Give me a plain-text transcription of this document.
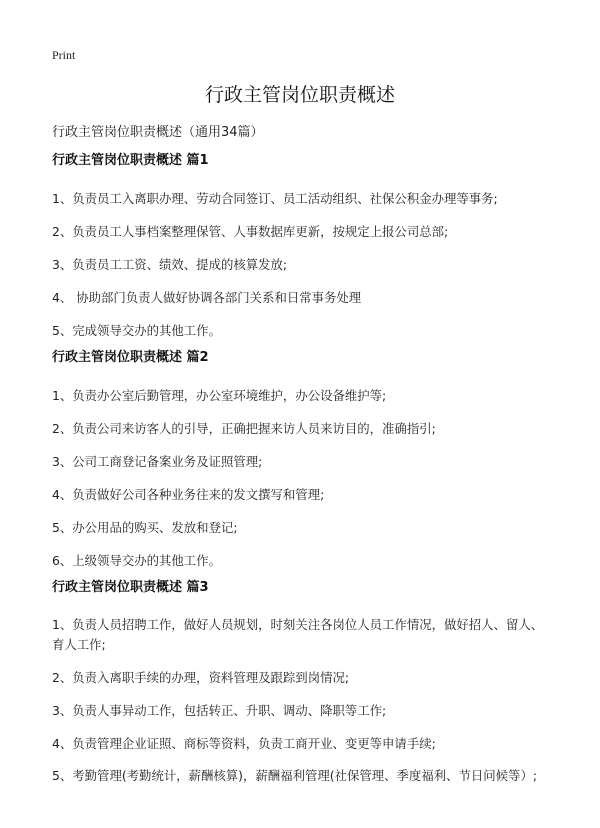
Print
行政主管岗位职责概述
行政主管岗位职责概述（通用34篇）

行政主管岗位职责概述 篇1

1、负责员工入离职办理、劳动合同签订、员工活动组织、社保公积金办理等事务;

2、负责员工人事档案整理保管、人事数据库更新，按规定上报公司总部;

3、负责员工工资、绩效、提成的核算发放;

4、 协助部门负责人做好协调各部门关系和日常事务处理

5、完成领导交办的其他工作。

行政主管岗位职责概述 篇2

1、负责办公室后勤管理，办公室环境维护，办公设备维护等;

2、负责公司来访客人的引导，正确把握来访人员来访目的，准确指引;

3、公司工商登记备案业务及证照管理;

4、负责做好公司各种业务往来的发文撰写和管理;

5、办公用品的购买、发放和登记;

6、上级领导交办的其他工作。

行政主管岗位职责概述 篇3

1、负责人员招聘工作，做好人员规划，时刻关注各岗位人员工作情况，做好招人、留人、育人工作;

2、负责入离职手续的办理，资料管理及跟踪到岗情况;

3、负责人事异动工作，包括转正、升职、调动、降职等工作;

4、负责管理企业证照、商标等资料，负责工商开业、变更等申请手续;

5、考勤管理(考勤统计，薪酬核算)，薪酬福利管理(社保管理、季度福利、节日问候等）;
